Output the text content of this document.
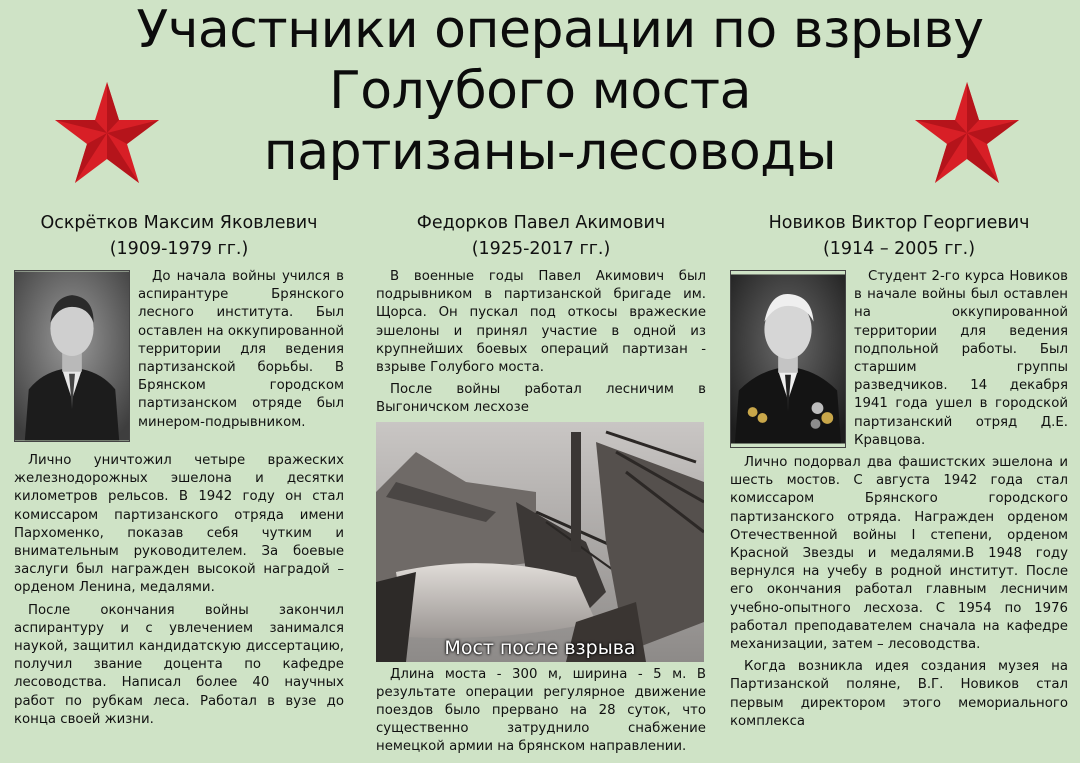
Участники операции по взрыву
Голубого моста
партизаны-лесоводы
Оскрётков Максим Яковлевич
(1909-1979 гг.)

До начала войны учился в аспирантуре Брянского лесного института. Был оставлен на оккупированной территории для ведения партизанской борьбы. В Брянском городском партизанском отряде был минером-подрывником.

Лично уничтожил четыре вражеских железнодорожных эшелона и десятки километров рельсов. В 1942 году он стал комиссаром партизанского отряда имени Пархоменко, показав себя чутким и внимательным руководителем. За боевые заслуги был награжден высокой наградой – орденом Ленина, медалями.

После окончания войны закончил аспирантуру и с увлечением занимался наукой, защитил кандидатскую диссертацию, получил звание доцента по кафедре лесоводства. Написал более 40 научных работ по рубкам леса. Работал в вузе до конца своей жизни.

Федорков Павел Акимович
(1925-2017 гг.)

В военные годы Павел Акимович был подрывником в партизанской бригаде им. Щорса. Он пускал под откосы вражеские эшелоны и принял участие в одной из крупнейших боевых операций партизан - взрыве Голубого моста.

После войны работал лесничим в Выгоничском лесхозе

Мост после взрыва

Длина моста - 300 м, ширина - 5 м. В результате операции регулярное движение поездов было прервано на 28 суток, что существенно затруднило снабжение немецкой армии на брянском направлении.

Новиков Виктор Георгиевич
(1914 – 2005 гг.)

Студент 2-го курса Новиков в начале войны был оставлен на оккупированной территории для ведения подпольной работы. Был старшим группы разведчиков. 14 декабря 1941 года ушел в городской партизанский отряд Д.Е. Кравцова.

Лично подорвал два фашистских эшелона и шесть мостов. С августа 1942 года стал комиссаром Брянского городского партизанского отряда. Награжден орденом Отечественной войны I степени, орденом Красной Звезды и медалями.В 1948 году вернулся на учебу в родной институт. После его окончания работал главным лесничим учебно-опытного лесхоза. С 1954 по 1976 работал преподавателем сначала на кафедре механизации, затем – лесоводства.

Когда возникла идея создания музея на Партизанской поляне, В.Г. Новиков стал первым директором этого мемориального комплекса
